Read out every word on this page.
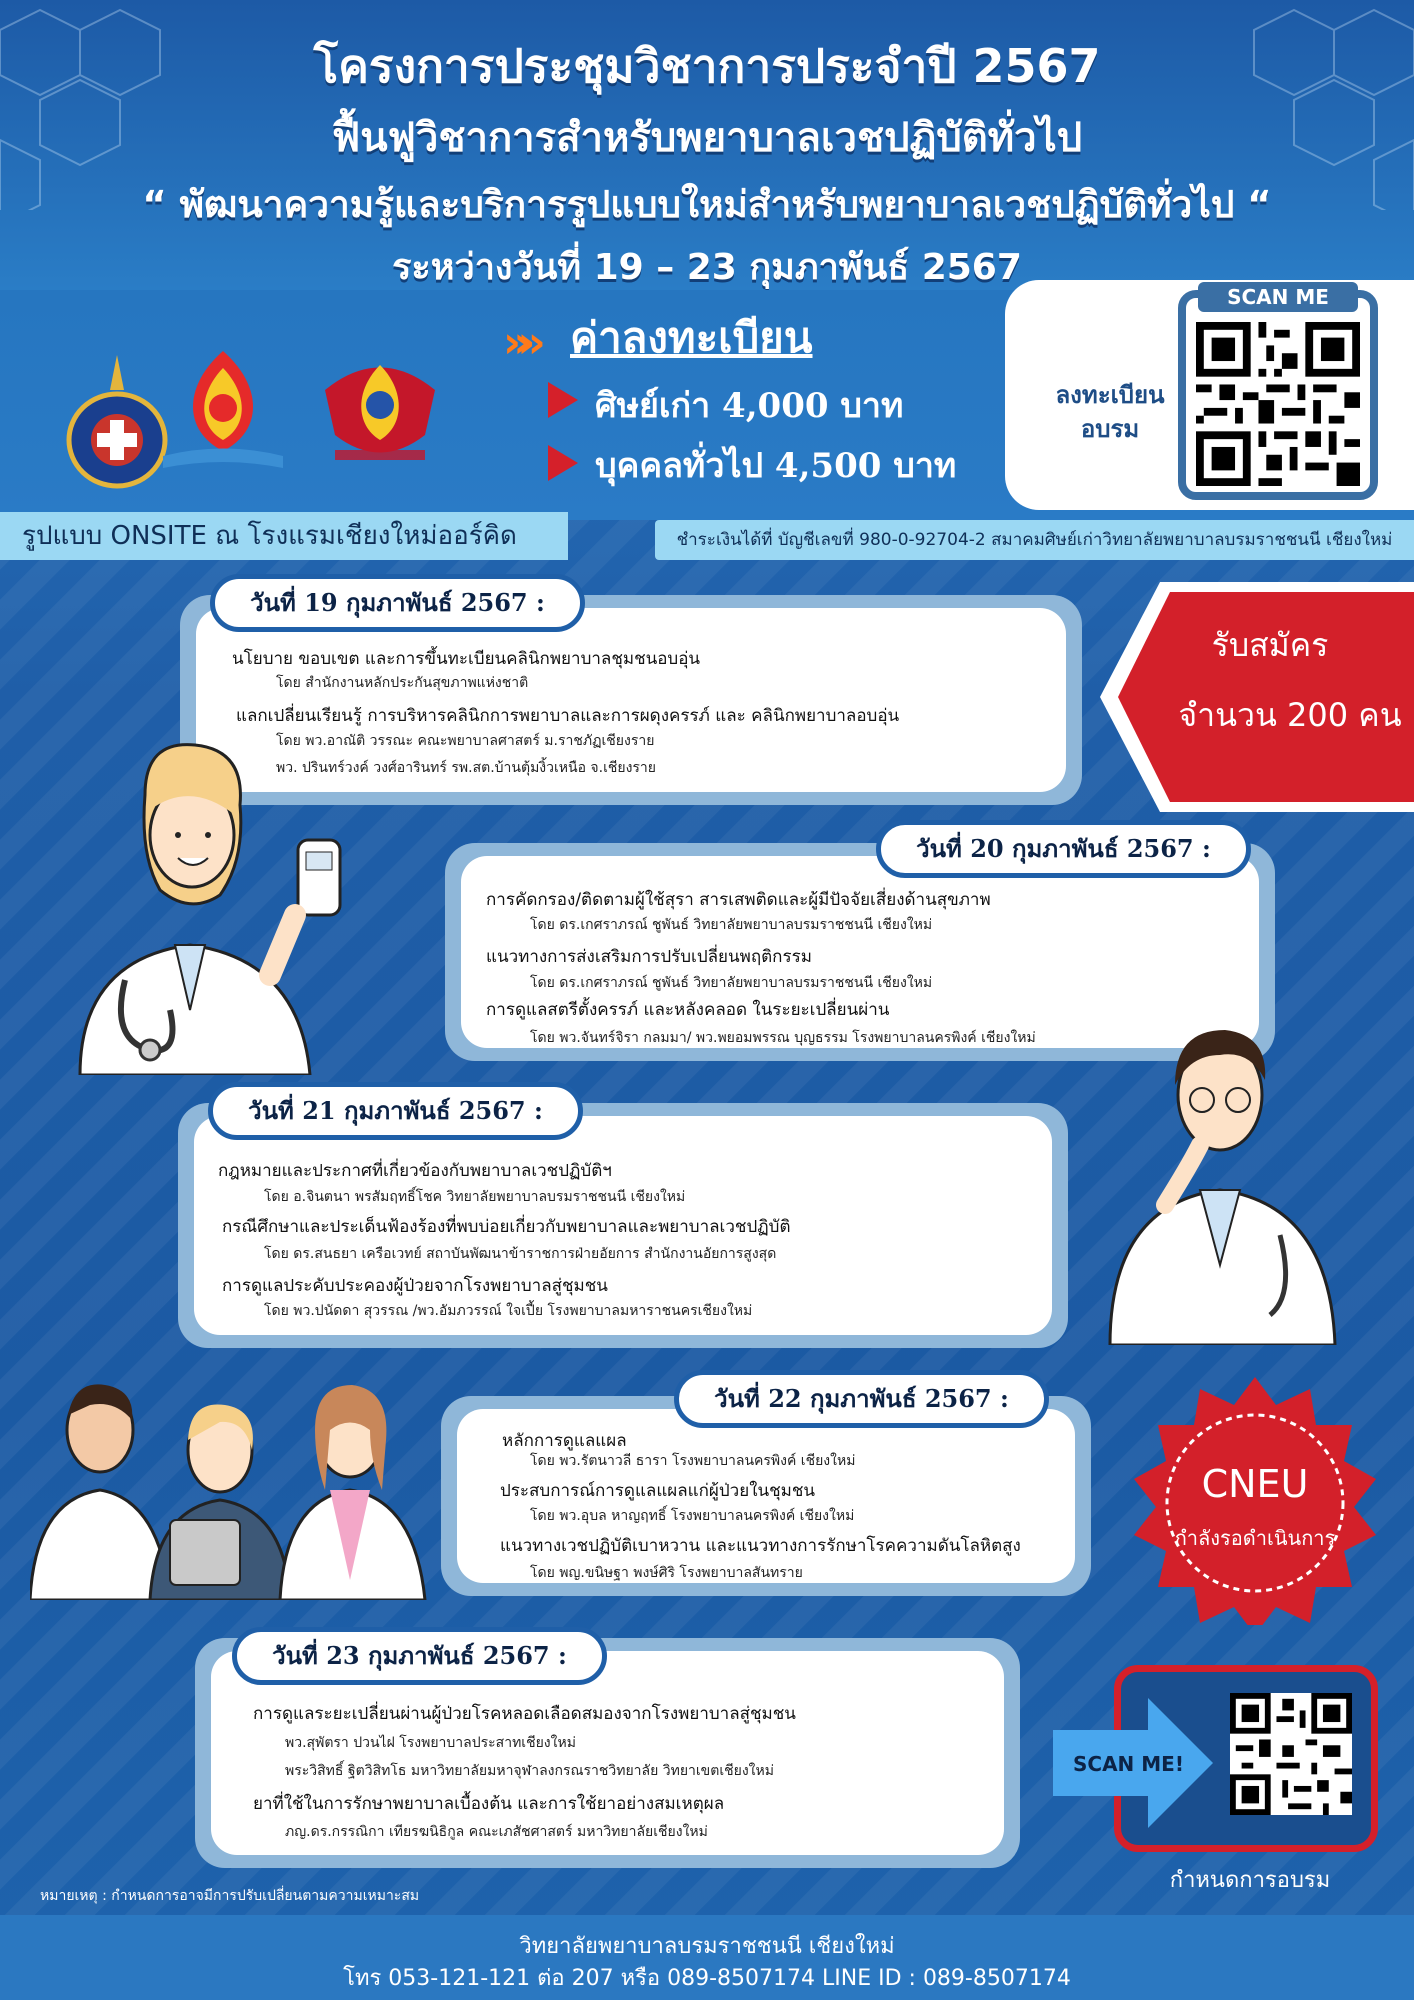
โครงการประชุมวิชาการประจำปี 2567
ฟื้นฟูวิชาการสำหรับพยาบาลเวชปฏิบัติทั่วไป
“ พัฒนาความรู้และบริการรูปแบบใหม่สำหรับพยาบาลเวชปฏิบัติทั่วไป “
ระหว่างวันที่ 19 – 23 กุมภาพันธ์ 2567
»» ค่าลงทะเบียน
ศิษย์เก่า 4,000 บาท
บุคคลทั่วไป 4,500 บาท
ลงทะเบียน
อบรม
SCAN ME
รูปแบบ ONSITE ณ โรงแรมเชียงใหม่ออร์คิด	ชำระเงินได้ที่ บัญชีเลขที่ 980-0-92704-2 สมาคมศิษย์เก่าวิทยาลัยพยาบาลบรมราชชนนี เชียงใหม่
รับสมัคร
จำนวน 200 คน
วันที่ 19 กุมภาพันธ์ 2567 :
นโยบาย ขอบเขต และการขึ้นทะเบียนคลินิกพยาบาลชุมชนอบอุ่น
โดย สำนักงานหลักประกันสุขภาพแห่งชาติ
แลกเปลี่ยนเรียนรู้ การบริหารคลินิกการพยาบาลและการผดุงครรภ์ และ คลินิกพยาบาลอบอุ่น
โดย พว.อาณัติ วรรณะ คณะพยาบาลศาสตร์ ม.ราชภัฏเชียงราย
พว. ปรินทร์วงค์ วงศ์อารินทร์ รพ.สต.บ้านตุ้มงิ้วเหนือ จ.เชียงราย
วันที่ 20 กุมภาพันธ์ 2567 :
การคัดกรอง/ติดตามผู้ใช้สุรา สารเสพติดและผู้มีปัจจัยเสี่ยงด้านสุขภาพ
โดย ดร.เกศราภรณ์ ชูพันธ์ วิทยาลัยพยาบาลบรมราชชนนี เชียงใหม่
แนวทางการส่งเสริมการปรับเปลี่ยนพฤติกรรม
โดย ดร.เกศราภรณ์ ชูพันธ์ วิทยาลัยพยาบาลบรมราชชนนี เชียงใหม่
การดูแลสตรีตั้งครรภ์ และหลังคลอด ในระยะเปลี่ยนผ่าน
โดย พว.จันทร์จิรา กลมมา/ พว.พยอมพรรณ บุญธรรม โรงพยาบาลนครพิงค์ เชียงใหม่
วันที่ 21 กุมภาพันธ์ 2567 :
กฎหมายและประกาศที่เกี่ยวข้องกับพยาบาลเวชปฏิบัติฯ
โดย อ.จินตนา พรสัมฤทธิ์โชค วิทยาลัยพยาบาลบรมราชชนนี เชียงใหม่
กรณีศึกษาและประเด็นฟ้องร้องที่พบบ่อยเกี่ยวกับพยาบาลและพยาบาลเวชปฏิบัติ
โดย ดร.สนธยา เครือเวทย์ สถาบันพัฒนาข้าราชการฝ่ายอัยการ สำนักงานอัยการสูงสุด
การดูแลประคับประคองผู้ป่วยจากโรงพยาบาลสู่ชุมชน
โดย พว.ปนัดดา สุวรรณ /พว.อัมภวรรณ์ ใจเปี้ย โรงพยาบาลมหาราชนครเชียงใหม่
วันที่ 22 กุมภาพันธ์ 2567 :
หลักการดูแลแผล
โดย พว.รัตนาวลี ธารา โรงพยาบาลนครพิงค์ เชียงใหม่
ประสบการณ์การดูแลแผลแก่ผู้ป่วยในชุมชน
โดย พว.อุบล หาญฤทธิ์ โรงพยาบาลนครพิงค์ เชียงใหม่
แนวทางเวชปฏิบัติเบาหวาน และแนวทางการรักษาโรคความดันโลหิตสูง
โดย พญ.ขนิษฐา พงษ์ศิริ โรงพยาบาลสันทราย
วันที่ 23 กุมภาพันธ์ 2567 :
การดูแลระยะเปลี่ยนผ่านผู้ป่วยโรคหลอดเลือดสมองจากโรงพยาบาลสู่ชุมชน
พว.สุพัตรา ปวนไฝ โรงพยาบาลประสาทเชียงใหม่
พระวิสิทธิ์ ฐิตวิสิทโธ มหาวิทยาลัยมหาจุฬาลงกรณราชวิทยาลัย วิทยาเขตเชียงใหม่
ยาที่ใช้ในการรักษาพยาบาลเบื้องต้น และการใช้ยาอย่างสมเหตุผล
ภญ.ดร.กรรณิกา เทียรฆนิธิกูล คณะเภสัชศาสตร์ มหาวิทยาลัยเชียงใหม่
CNEU
กำลังรอดำเนินการ
SCAN ME!
กำหนดการอบรม
หมายเหตุ : กำหนดการอาจมีการปรับเปลี่ยนตามความเหมาะสม
วิทยาลัยพยาบาลบรมราชชนนี เชียงใหม่
โทร 053-121-121 ต่อ 207 หรือ 089-8507174 LINE ID : 089-8507174
